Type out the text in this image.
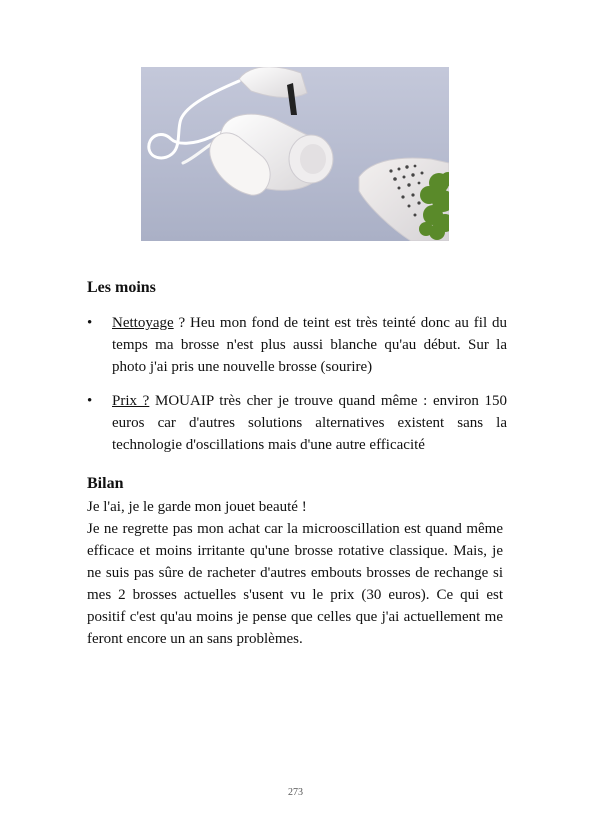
Les moins
• Nettoyage ? Heu mon fond de teint est très teinté donc au fil du temps ma brosse n'est plus aussi blanche qu'au début. Sur la photo j'ai pris une nouvelle brosse (sourire)
• Prix ? MOUAIP très cher je trouve quand même : environ 150 euros car d'autres solutions alternatives existent sans la technologie d'oscillations mais d'une autre efficacité
Bilan

Je l'ai, je le garde mon jouet beauté !

Je ne regrette pas mon achat car la microoscillation est quand même efficace et moins irritante qu'une brosse rotative classique. Mais, je ne suis pas sûre de racheter d'autres embouts brosses de rechange si mes 2 brosses actuelles s'usent vu le prix (30 euros). Ce qui est positif c'est qu'au moins je pense que celles que j'ai actuellement me feront encore un an sans problèmes.

273
